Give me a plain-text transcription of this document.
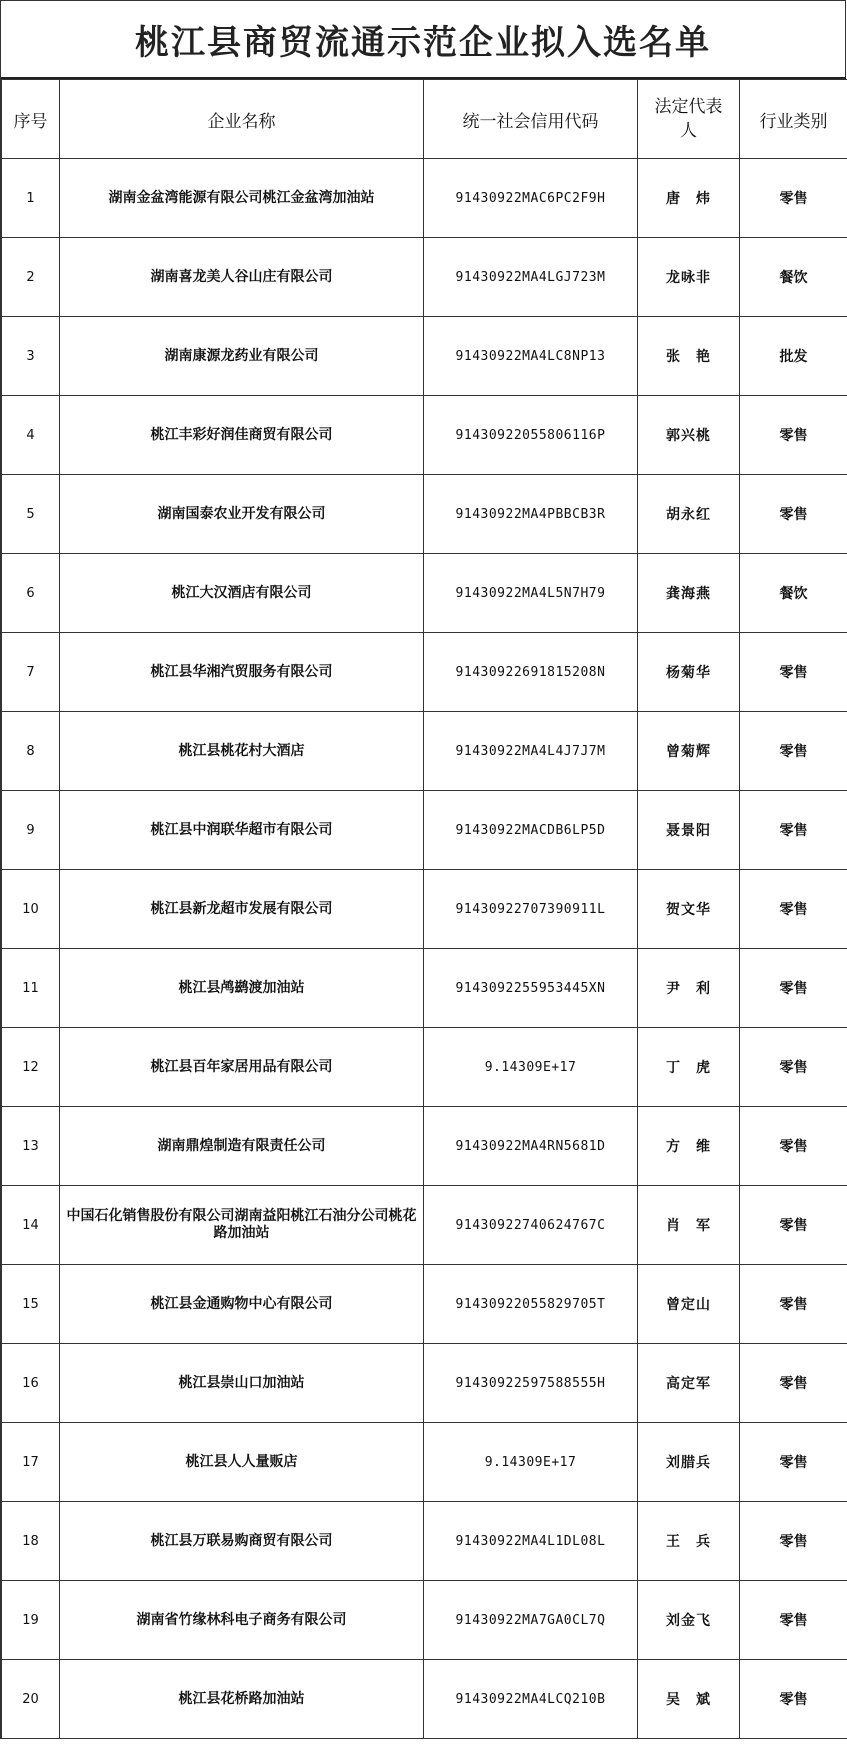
桃江县商贸流通示范企业拟入选名单
序号	企业名称	统一社会信用代码	法定代表人	行业类别
1	湖南金盆湾能源有限公司桃江金盆湾加油站	91430922MAC6PC2F9H	唐　炜	零售
2	湖南喜龙美人谷山庄有限公司	91430922MA4LGJ723M	龙咏非	餐饮
3	湖南康源龙药业有限公司	91430922MA4LC8NP13	张　艳	批发
4	桃江丰彩好润佳商贸有限公司	91430922055806116P	郭兴桃	零售
5	湖南国泰农业开发有限公司	91430922MA4PBBCB3R	胡永红	零售
6	桃江大汉酒店有限公司	91430922MA4L5N7H79	龚海燕	餐饮
7	桃江县华湘汽贸服务有限公司	91430922691815208N	杨菊华	零售
8	桃江县桃花村大酒店	91430922MA4L4J7J7M	曾菊辉	零售
9	桃江县中润联华超市有限公司	91430922MACDB6LP5D	聂景阳	零售
10	桃江县新龙超市发展有限公司	91430922707390911L	贺文华	零售
11	桃江县鸬鹚渡加油站	9143092255953445XN	尹　利	零售
12	桃江县百年家居用品有限公司	9.14309E+17	丁　虎	零售
13	湖南鼎煌制造有限责任公司	91430922MA4RN5681D	方　维	零售
14	中国石化销售股份有限公司湖南益阳桃江石油分公司桃花路加油站	91430922740624767C	肖　军	零售
15	桃江县金通购物中心有限公司	91430922055829705T	曾定山	零售
16	桃江县崇山口加油站	91430922597588555H	高定军	零售
17	桃江县人人量贩店	9.14309E+17	刘腊兵	零售
18	桃江县万联易购商贸有限公司	91430922MA4L1DL08L	王　兵	零售
19	湖南省竹缘林科电子商务有限公司	91430922MA7GA0CL7Q	刘金飞	零售
20	桃江县花桥路加油站	91430922MA4LCQ210B	吴　斌	零售
